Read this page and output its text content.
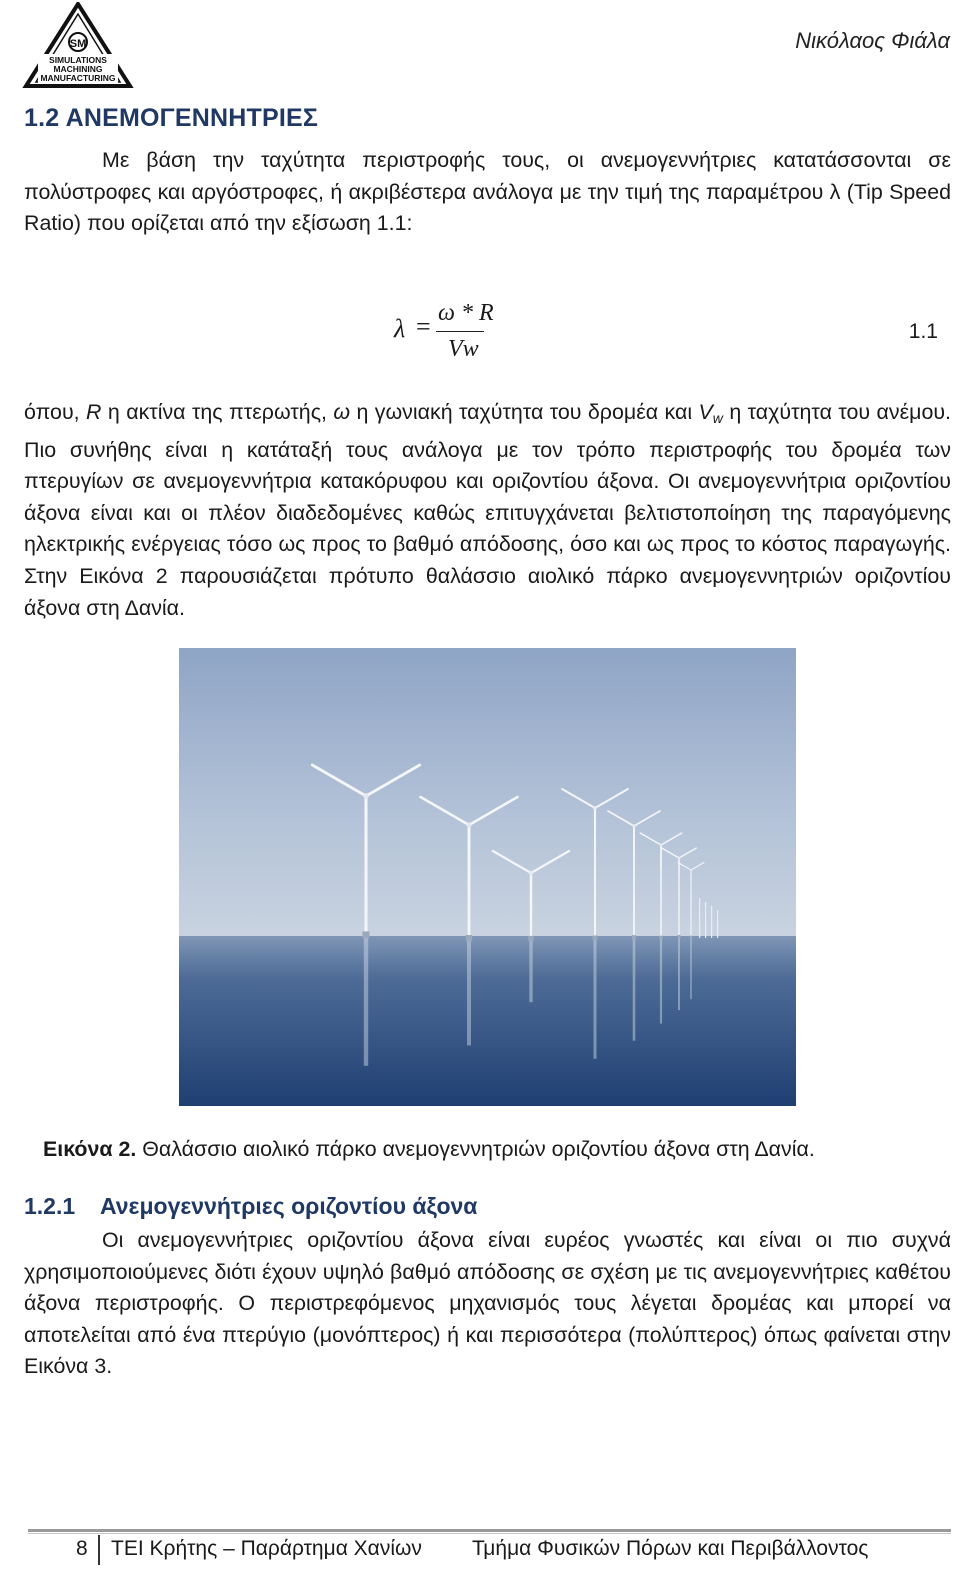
SM
SIMULATIONS
MACHINING
MANUFACTURING
Νικόλαος Φιάλα
1.2 ΑΝΕΜΟΓΕΝΝΗΤΡΙΕΣ

Με βάση την ταχύτητα περιστροφής τους, οι ανεμογεννήτριες κατατάσσονται σε πολύστροφες και αργόστροφες, ή ακριβέστερα ανάλογα με την τιμή της παραμέτρου λ (Tip Speed Ratio) που ορίζεται από την εξίσωση 1.1:

λ = ω * R
Vw
1.1

όπου, R η ακτίνα της πτερωτής, ω η γωνιακή ταχύτητα του δρομέα και $V_w$ η ταχύτητα του ανέμου. Πιο συνήθης είναι η κατάταξή τους ανάλογα με τον τρόπο περιστροφής του δρομέα των πτερυγίων σε ανεμογεννήτρια κατακόρυφου και οριζοντίου άξονα. Οι ανεμογεννήτρια οριζοντίου άξονα είναι και οι πλέον διαδεδομένες καθώς επιτυγχάνεται βελτιστοποίηση της παραγόμενης ηλεκτρικής ενέργειας τόσο ως προς το βαθμό απόδοσης, όσο και ως προς το κόστος παραγωγής. Στην Εικόνα 2 παρουσιάζεται πρότυπο θαλάσσιο αιολικό πάρκο ανεμογεννητριών οριζοντίου άξονα στη Δανία.

Εικόνα 2. Θαλάσσιο αιολικό πάρκο ανεμογεννητριών οριζοντίου άξονα στη Δανία.
1.2.1 Ανεμογεννήτριες οριζοντίου άξονα

Οι ανεμογεννήτριες οριζοντίου άξονα είναι ευρέος γνωστές και είναι οι πιο συχνά χρησιμοποιούμενες διότι έχουν υψηλό βαθμό απόδοσης σε σχέση με τις ανεμογεννήτριες καθέτου άξονα περιστροφής. Ο περιστρεφόμενος μηχανισμός τους λέγεται δρομέας και μπορεί να αποτελείται από ένα πτερύγιο (μονόπτερος) ή και περισσότερα (πολύπτερος) όπως φαίνεται στην Εικόνα 3.

8 ΤΕΙ Κρήτης – Παράρτημα Χανίων Τμήμα Φυσικών Πόρων και Περιβάλλοντος
